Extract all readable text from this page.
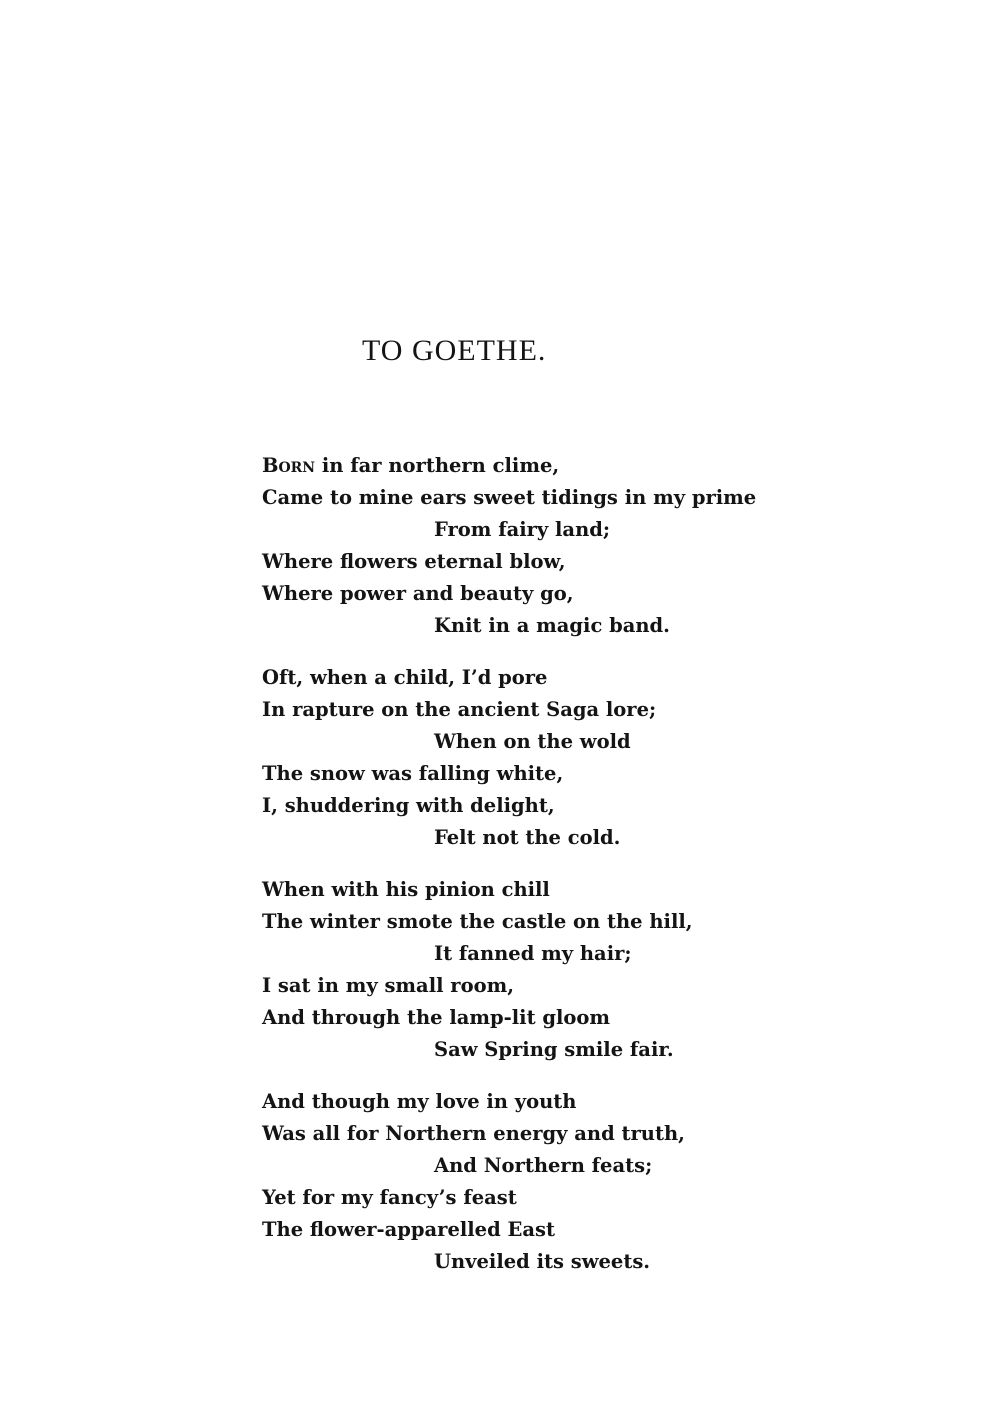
TO GOETHE.
Born in far northern clime,
Came to mine ears sweet tidings in my prime
From fairy land;
Where flowers eternal blow,
Where power and beauty go,
Knit in a magic band.
Oft, when a child, I’d pore
In rapture on the ancient Saga lore;
When on the wold
The snow was falling white,
I, shuddering with delight,
Felt not the cold.
When with his pinion chill
The winter smote the castle on the hill,
It fanned my hair;
I sat in my small room,
And through the lamp-lit gloom
Saw Spring smile fair.
And though my love in youth
Was all for Northern energy and truth,
And Northern feats;
Yet for my fancy’s feast
The flower-apparelled East
Unveiled its sweets.
